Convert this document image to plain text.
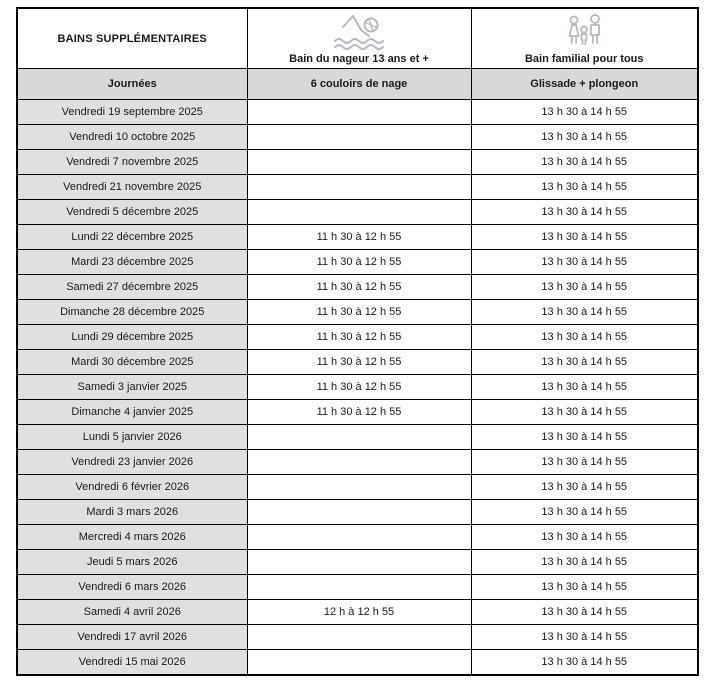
BAINS SUPPLÉMENTAIRES	Bain du nageur 13 ans et +	Bain familial pour tous

Journées	6 couloirs de nage	Glissade + plongeon
Vendredi 19 septembre 2025		13 h 30 à 14 h 55
Vendredi 10 octobre 2025		13 h 30 à 14 h 55
Vendredi 7 novembre 2025		13 h 30 à 14 h 55
Vendredi 21 novembre 2025		13 h 30 à 14 h 55
Vendredi 5 décembre 2025		13 h 30 à 14 h 55
Lundi 22 décembre 2025	11 h 30 à 12 h 55	13 h 30 à 14 h 55
Mardi 23 décembre 2025	11 h 30 à 12 h 55	13 h 30 à 14 h 55
Samedi 27 décembre 2025	11 h 30 à 12 h 55	13 h 30 à 14 h 55
Dimanche 28 décembre 2025	11 h 30 à 12 h 55	13 h 30 à 14 h 55
Lundi 29 décembre 2025	11 h 30 à 12 h 55	13 h 30 à 14 h 55
Mardi 30 décembre 2025	11 h 30 à 12 h 55	13 h 30 à 14 h 55
Samedi 3 janvier 2025	11 h 30 à 12 h 55	13 h 30 à 14 h 55
Dimanche 4 janvier 2025	11 h 30 à 12 h 55	13 h 30 à 14 h 55
Lundi 5 janvier 2026		13 h 30 à 14 h 55
Vendredi 23 janvier 2026		13 h 30 à 14 h 55
Vendredi 6 février 2026		13 h 30 à 14 h 55
Mardi 3 mars 2026		13 h 30 à 14 h 55
Mercredi 4 mars 2026		13 h 30 à 14 h 55
Jeudi 5 mars 2026		13 h 30 à 14 h 55
Vendredi 6 mars 2026		13 h 30 à 14 h 55
Samedi 4 avril 2026	12 h à 12 h 55	13 h 30 à 14 h 55
Vendredi 17 avril 2026		13 h 30 à 14 h 55
Vendredi 15 mai 2026		13 h 30 à 14 h 55
